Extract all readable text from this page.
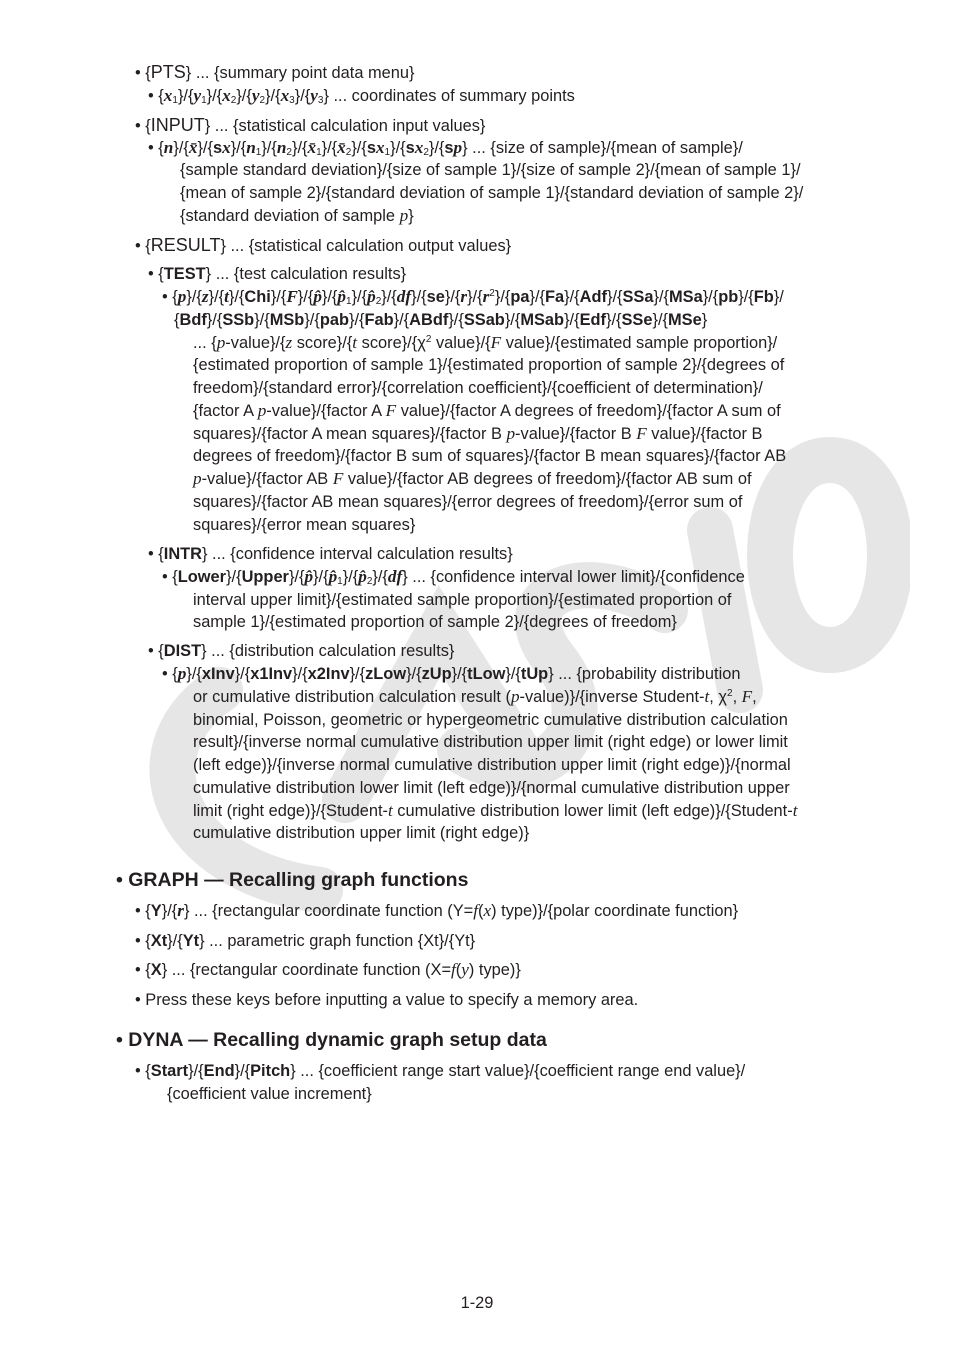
• {PTS} ... {summary point data menu}
• $\{x_1\}/\{y_1\}/\{x_2\}/\{y_2\}/\{x_3\}/\{y_3\}$ ... coordinates of summary points
• {INPUT} ... {statistical calculation input values}
• $\{n\}/\{x̄\}/\{sx\}/\{n_1\}/\{n_2\}/\{x̄_1\}/\{x̄_2\}/\{sx_1\}/\{sx_2\}/\{sp\}$ ... {size of sample}/{mean of sample}/
{sample standard deviation}/{size of sample 1}/{size of sample 2}/{mean of sample 1}/
{mean of sample 2}/{standard deviation of sample 1}/{standard deviation of sample 2}/
{standard deviation of sample p}
• {RESULT} ... {statistical calculation output values}
• {TEST} ... {test calculation results}
• $\{p\}/\{z\}/\{t\}/\{Chi\}/\{F\}/\{p̂\}/\{p̂_1\}/\{p̂_2\}/\{df\}/\{se\}/\{r\}/\{r^2\}/\{pa\}/\{Fa\}/\{Adf\}/\{SSa\}/\{MSa\}/\{pb\}/\{Fb\}/$
{Bdf}/{SSb}/{MSb}/{pab}/{Fab}/{ABdf}/{SSab}/{MSab}/{Edf}/{SSe}/{MSe}
... {p-value}/{z score}/{t $score\}/\{\chi^2$ value}/{F value}/{estimated sample proportion}/
{estimated proportion of sample 1}/{estimated proportion of sample 2}/{degrees of
freedom}/{standard error}/{correlation coefficient}/{coefficient of determination}/
{factor A p-value}/{factor A F value}/{factor A degrees of freedom}/{factor A sum of
squares}/{factor A mean squares}/{factor B p-value}/{factor B F value}/{factor B
degrees of freedom}/{factor B sum of squares}/{factor B mean squares}/{factor AB
p-value}/{factor AB F value}/{factor AB degrees of freedom}/{factor AB sum of
squares}/{factor AB mean squares}/{error degrees of freedom}/{error sum of
squares}/{error mean squares}
• {INTR} ... {confidence interval calculation results}
• $\{Lower\}/\{Upper\}/\{p̂\}/\{p̂_1\}/\{p̂_2\}/\{df\}$ ... {confidence interval lower limit}/{confidence
interval upper limit}/{estimated sample proportion}/{estimated proportion of
sample 1}/{estimated proportion of sample 2}/{degrees of freedom}
• {DIST} ... {distribution calculation results}
• {p}/{xInv}/{x1Inv}/{x2Inv}/{zLow}/{zUp}/{tLow}/{tUp} ... {probability distribution
or cumulative distribution calculation result (p-value)}/{inverse Student-t, $\chi^2$, F,
binomial, Poisson, geometric or hypergeometric cumulative distribution calculation
result}/{inverse normal cumulative distribution upper limit (right edge) or lower limit
(left edge)}/{inverse normal cumulative distribution upper limit (right edge)}/{normal
cumulative distribution lower limit (left edge)}/{normal cumulative distribution upper
limit (right edge)}/{Student-t cumulative distribution lower limit (left edge)}/{Student-t
cumulative distribution upper limit (right edge)}
• GRAPH — Recalling graph functions
• {Y}/{r} ... {rectangular coordinate function (Y=f(x) type)}/{polar coordinate function}
• {Xt}/{Yt} ... parametric graph function {Xt}/{Yt}
• {X} ... {rectangular coordinate function (X=f(y) type)}
• Press these keys before inputting a value to specify a memory area.
• DYNA — Recalling dynamic graph setup data
• {Start}/{End}/{Pitch} ... {coefficient range start value}/{coefficient range end value}/
{coefficient value increment}
1-29
